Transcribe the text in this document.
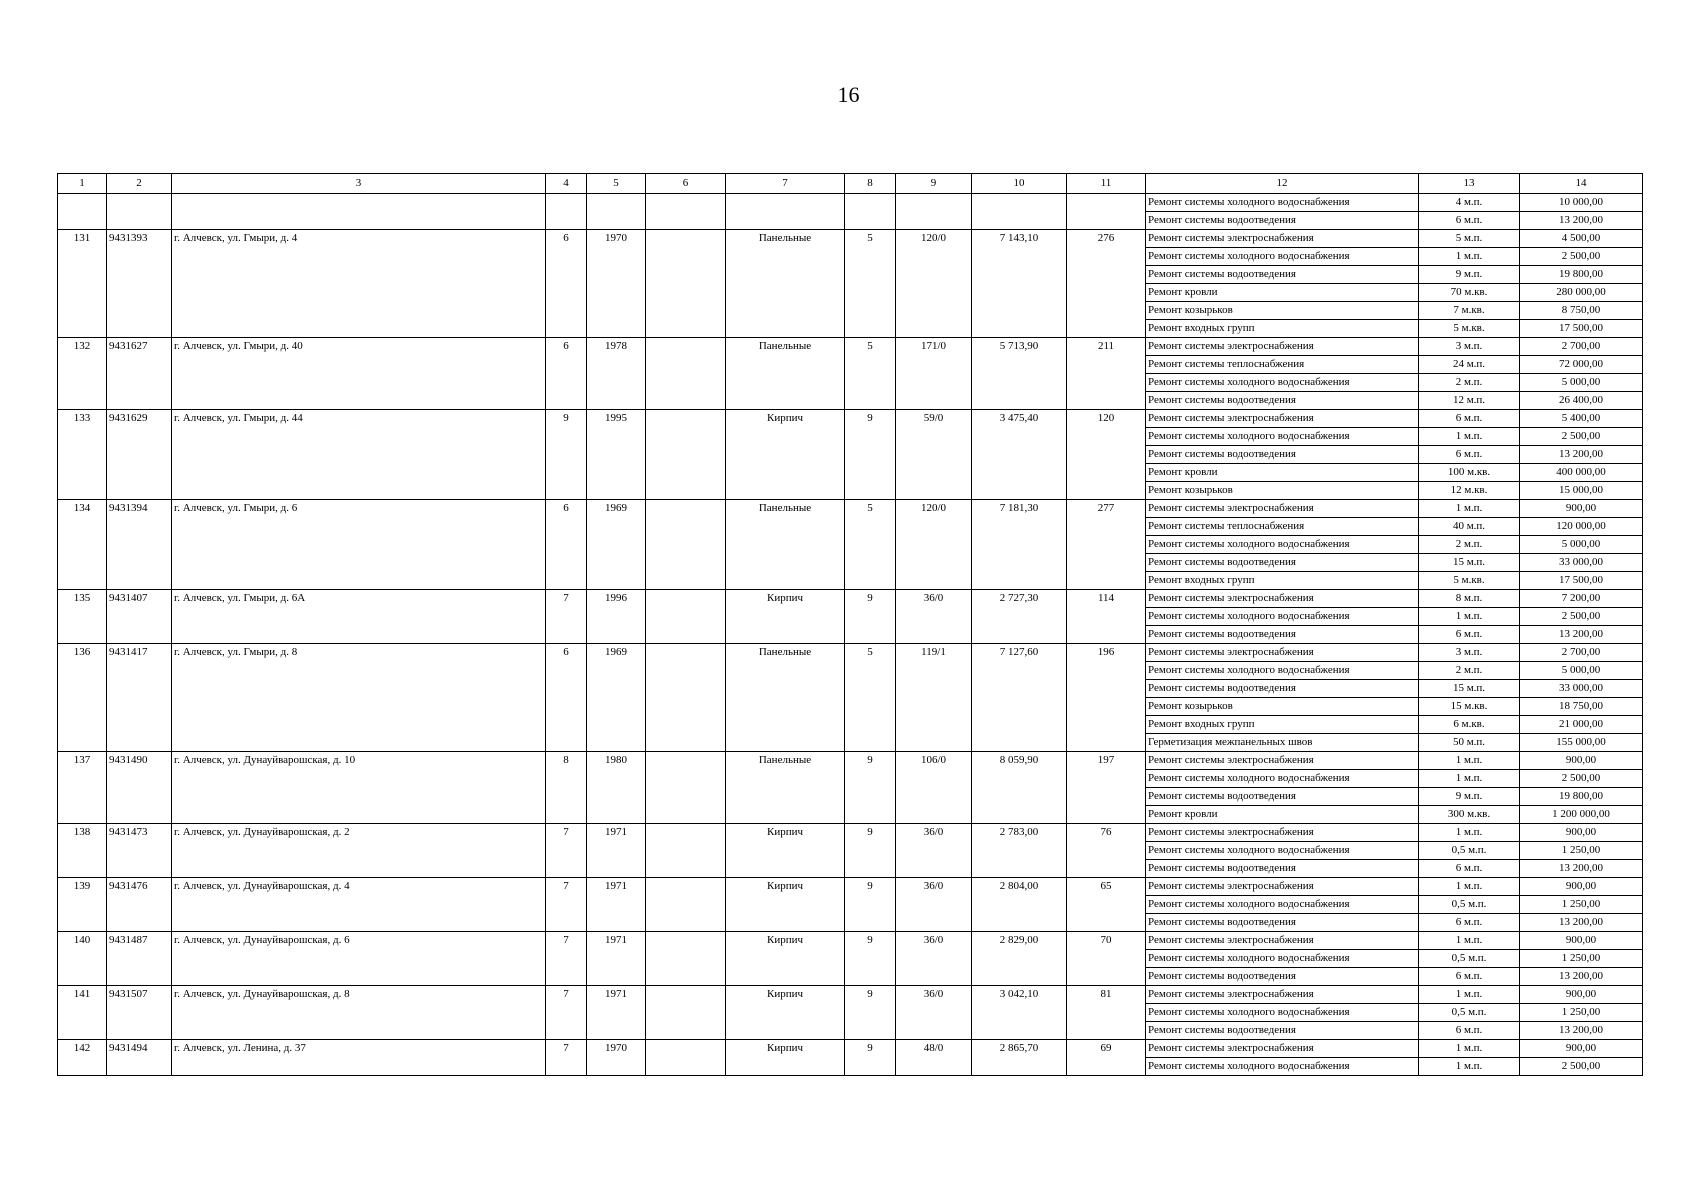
16
1	2	3	4	5	6	7	8	9	10	11	12	13	14
											Ремонт системы холодного водоснабжения	4 м.п.	10 000,00
											Ремонт системы водоотведения	6 м.п.	13 200,00
131	9431393	г. Алчевск, ул. Гмыри, д. 4	6	1970		Панельные	5	120/0	7 143,10	276	Ремонт системы электроснабжения	5 м.п.	4 500,00
											Ремонт системы холодного водоснабжения	1 м.п.	2 500,00
											Ремонт системы водоотведения	9 м.п.	19 800,00
											Ремонт кровли	70 м.кв.	280 000,00
											Ремонт козырьков	7 м.кв.	8 750,00
											Ремонт входных групп	5 м.кв.	17 500,00
132	9431627	г. Алчевск, ул. Гмыри, д. 40	6	1978		Панельные	5	171/0	5 713,90	211	Ремонт системы электроснабжения	3 м.п.	2 700,00
											Ремонт системы теплоснабжения	24 м.п.	72 000,00
											Ремонт системы холодного водоснабжения	2 м.п.	5 000,00
											Ремонт системы водоотведения	12 м.п.	26 400,00
133	9431629	г. Алчевск, ул. Гмыри, д. 44	9	1995		Кирпич	9	59/0	3 475,40	120	Ремонт системы электроснабжения	6 м.п.	5 400,00
											Ремонт системы холодного водоснабжения	1 м.п.	2 500,00
											Ремонт системы водоотведения	6 м.п.	13 200,00
											Ремонт кровли	100 м.кв.	400 000,00
											Ремонт козырьков	12 м.кв.	15 000,00
134	9431394	г. Алчевск, ул. Гмыри, д. 6	6	1969		Панельные	5	120/0	7 181,30	277	Ремонт системы электроснабжения	1 м.п.	900,00
											Ремонт системы теплоснабжения	40 м.п.	120 000,00
											Ремонт системы холодного водоснабжения	2 м.п.	5 000,00
											Ремонт системы водоотведения	15 м.п.	33 000,00
											Ремонт входных групп	5 м.кв.	17 500,00
135	9431407	г. Алчевск, ул. Гмыри, д. 6А	7	1996		Кирпич	9	36/0	2 727,30	114	Ремонт системы электроснабжения	8 м.п.	7 200,00
											Ремонт системы холодного водоснабжения	1 м.п.	2 500,00
											Ремонт системы водоотведения	6 м.п.	13 200,00
136	9431417	г. Алчевск, ул. Гмыри, д. 8	6	1969		Панельные	5	119/1	7 127,60	196	Ремонт системы электроснабжения	3 м.п.	2 700,00
											Ремонт системы холодного водоснабжения	2 м.п.	5 000,00
											Ремонт системы водоотведения	15 м.п.	33 000,00
											Ремонт козырьков	15 м.кв.	18 750,00
											Ремонт входных групп	6 м.кв.	21 000,00
											Герметизация межпанельных швов	50 м.п.	155 000,00
137	9431490	г. Алчевск, ул. Дунауйварошская, д. 10	8	1980		Панельные	9	106/0	8 059,90	197	Ремонт системы электроснабжения	1 м.п.	900,00
											Ремонт системы холодного водоснабжения	1 м.п.	2 500,00
											Ремонт системы водоотведения	9 м.п.	19 800,00
											Ремонт кровли	300 м.кв.	1 200 000,00
138	9431473	г. Алчевск, ул. Дунауйварошская, д. 2	7	1971		Кирпич	9	36/0	2 783,00	76	Ремонт системы электроснабжения	1 м.п.	900,00
											Ремонт системы холодного водоснабжения	0,5 м.п.	1 250,00
											Ремонт системы водоотведения	6 м.п.	13 200,00
139	9431476	г. Алчевск, ул. Дунауйварошская, д. 4	7	1971		Кирпич	9	36/0	2 804,00	65	Ремонт системы электроснабжения	1 м.п.	900,00
											Ремонт системы холодного водоснабжения	0,5 м.п.	1 250,00
											Ремонт системы водоотведения	6 м.п.	13 200,00
140	9431487	г. Алчевск, ул. Дунауйварошская, д. 6	7	1971		Кирпич	9	36/0	2 829,00	70	Ремонт системы электроснабжения	1 м.п.	900,00
											Ремонт системы холодного водоснабжения	0,5 м.п.	1 250,00
											Ремонт системы водоотведения	6 м.п.	13 200,00
141	9431507	г. Алчевск, ул. Дунауйварошская, д. 8	7	1971		Кирпич	9	36/0	3 042,10	81	Ремонт системы электроснабжения	1 м.п.	900,00
											Ремонт системы холодного водоснабжения	0,5 м.п.	1 250,00
											Ремонт системы водоотведения	6 м.п.	13 200,00
142	9431494	г. Алчевск, ул. Ленина, д. 37	7	1970		Кирпич	9	48/0	2 865,70	69	Ремонт системы электроснабжения	1 м.п.	900,00
											Ремонт системы холодного водоснабжения	1 м.п.	2 500,00
